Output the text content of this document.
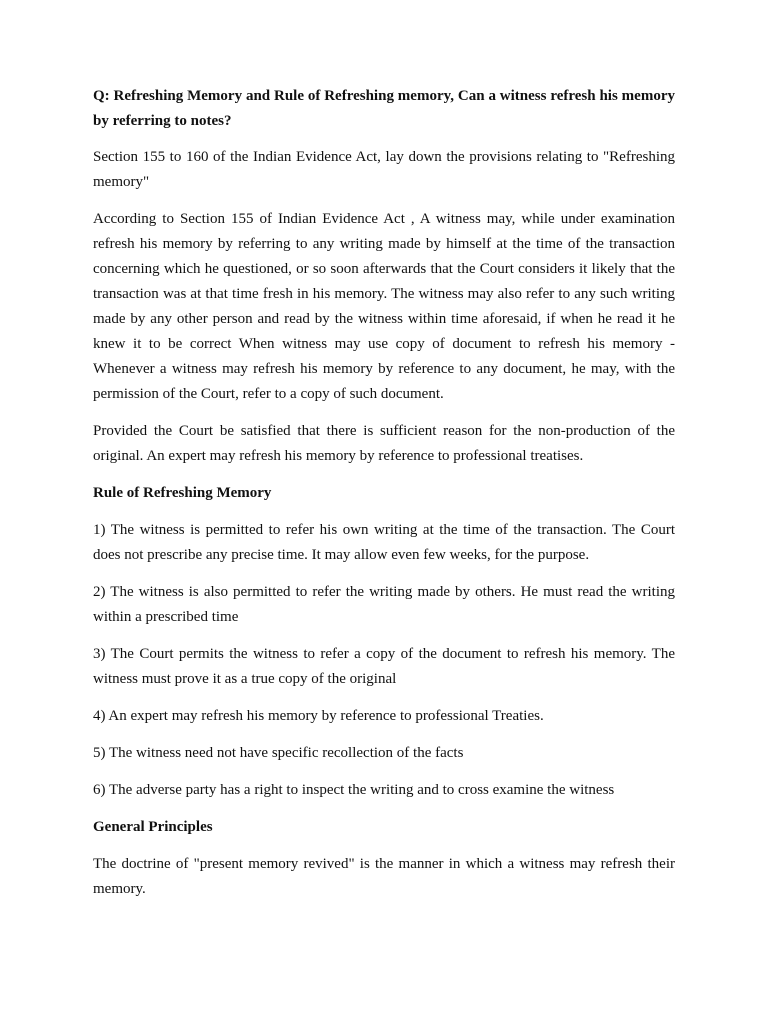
Q: Refreshing Memory and Rule of Refreshing memory, Can a witness refresh his memory by referring to notes?

Section 155 to 160 of the Indian Evidence Act, lay down the provisions relating to "Refreshing memory"

According to Section 155 of Indian Evidence Act , A witness may, while under examination refresh his memory by referring to any writing made by himself at the time of the transaction concerning which he questioned, or so soon afterwards that the Court considers it likely that the transaction was at that time fresh in his memory. The witness may also refer to any such writing made by any other person and read by the witness within time aforesaid, if when he read it he knew it to be correct When witness may use copy of document to refresh his memory - Whenever a witness may refresh his memory by reference to any document, he may, with the permission of the Court, refer to a copy of such document.

Provided the Court be satisfied that there is sufficient reason for the non-production of the original. An expert may refresh his memory by reference to professional treatises.

Rule of Refreshing Memory

1) The witness is permitted to refer his own writing at the time of the transaction. The Court does not prescribe any precise time. It may allow even few weeks, for the purpose.

2) The witness is also permitted to refer the writing made by others. He must read the writing within a prescribed time

3) The Court permits the witness to refer a copy of the document to refresh his memory. The witness must prove it as a true copy of the original

4) An expert may refresh his memory by reference to professional Treaties.

5) The witness need not have specific recollection of the facts

6) The adverse party has a right to inspect the writing and to cross examine the witness

General Principles

The doctrine of "present memory revived" is the manner in which a witness may refresh their memory.
